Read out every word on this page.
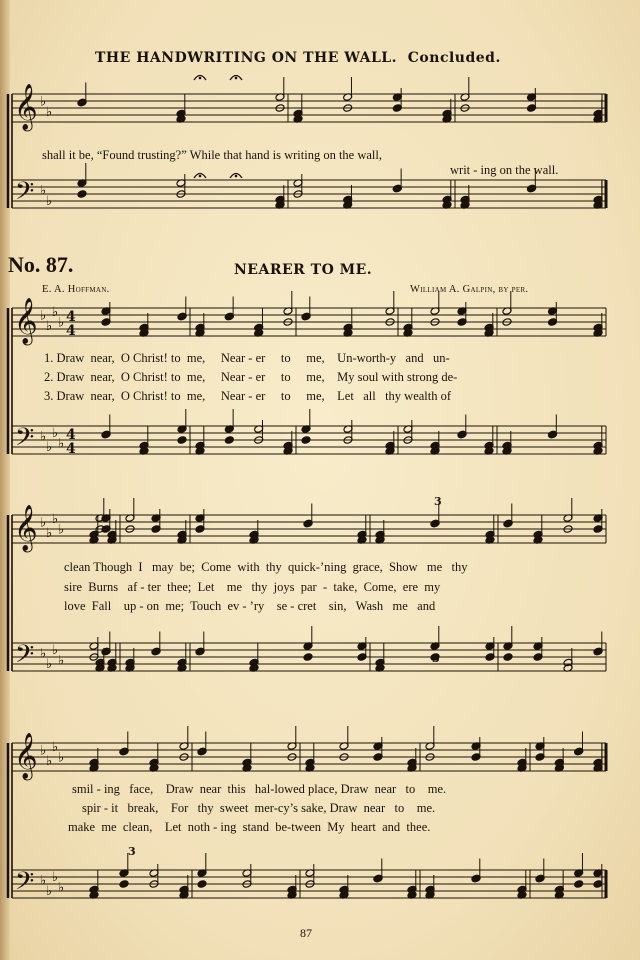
THE HANDWRITING ON THE WALL. Concluded.
shall it be, “Found trusting?” While that hand is writing on the wall,
writ - ing on the wall.
No. 87.	NEARER TO ME.
E. A. Hoffman.	William A. Galpin, by per.
1. Draw  near,  O Christ! to  me,     Near - er     to     me,    Un-worth-y   and   un-
2. Draw  near,  O Christ! to  me,     Near - er     to     me,    My soul with strong de-
3. Draw  near,  O Christ! to  me,     Near - er     to     me,    Let   all   thy wealth of
clean Though  I   may  be;  Come  with  thy  quick-’ning  grace,  Show   me   thy
sire  Burns   af - ter  thee;  Let    me   thy  joys  par  -  take,  Come,  ere  my
love  Fall    up - on  me;  Touch  ev - ’ry    se - cret    sin,   Wash   me   and
smil - ing   face,    Draw  near  this   hal-lowed place, Draw  near   to    me.
spir - it   break,    For   thy  sweet  mer-cy’s sake, Draw  near   to    me.
make  me  clean,    Let  noth - ing  stand  be-tween  My  heart  and  thee.
87
𝄞
𝄢
♭
♭
♭
♭
𝄞
𝄢
♭
♭
♭
♭
♭
♭
♭
♭
4
4
4
4
𝄞
𝄢
♭
♭
♭
♭
♭
♭
♭
♭
𝄞
𝄢
♭
♭
♭
♭
♭
♭
♭
♭
3
3
3
